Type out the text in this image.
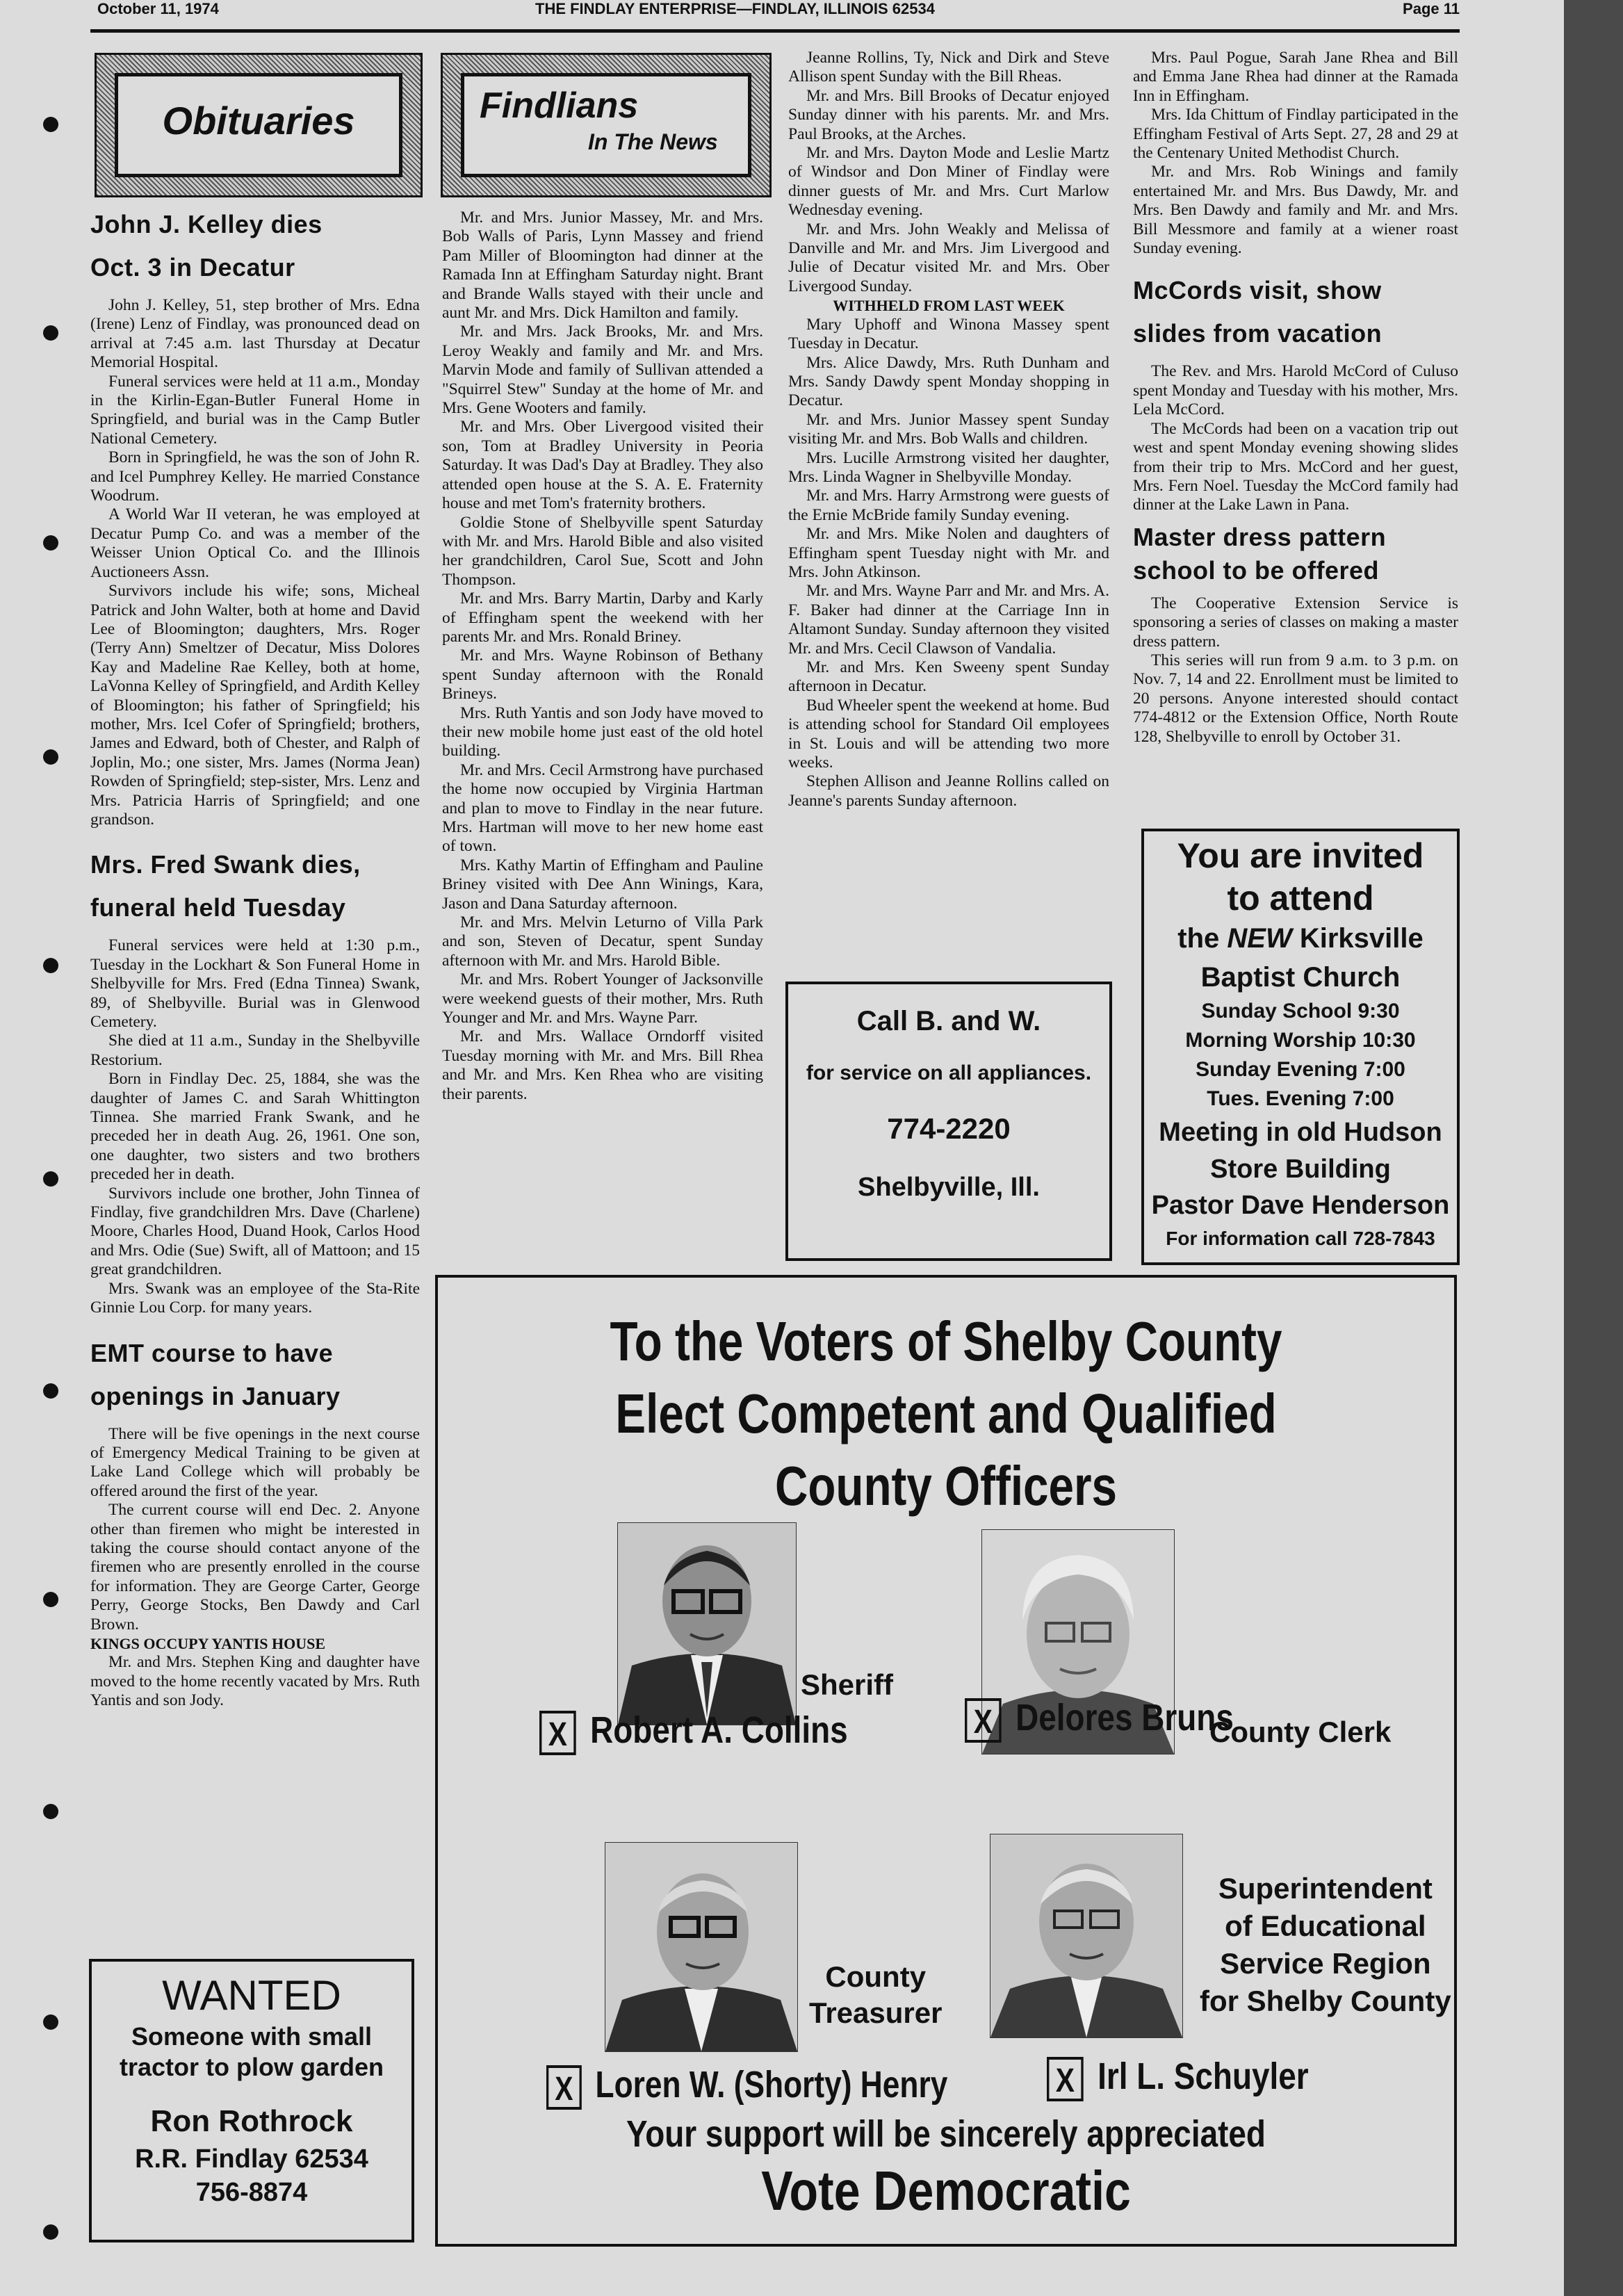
October 11, 1974	THE FINDLAY ENTERPRISE—FINDLAY, ILLINOIS 62534	Page 11
Obituaries
John J. Kelley dies
Oct. 3 in Decatur

John J. Kelley, 51, step brother of Mrs. Edna (Irene) Lenz of Findlay, was pronounced dead on arrival at 7:45 a.m. last Thursday at Decatur Memorial Hospital.

Funeral services were held at 11 a.m., Monday in the Kirlin-Egan-Butler Funeral Home in Springfield, and burial was in the Camp Butler National Cemetery.

Born in Springfield, he was the son of John R. and Icel Pumphrey Kelley. He married Constance Woodrum.

A World War II veteran, he was employed at Decatur Pump Co. and was a member of the Weisser Union Optical Co. and the Illinois Auctioneers Assn.

Survivors include his wife; sons, Micheal Patrick and John Walter, both at home and David Lee of Bloomington; daughters, Mrs. Roger (Terry Ann) Smeltzer of Decatur, Miss Dolores Kay and Madeline Rae Kelley, both at home, LaVonna Kelley of Springfield, and Ardith Kelley of Bloomington; his father of Springfield; his mother, Mrs. Icel Cofer of Springfield; brothers, James and Edward, both of Chester, and Ralph of Joplin, Mo.; one sister, Mrs. James (Norma Jean) Rowden of Springfield; step-sister, Mrs. Lenz and Mrs. Patricia Harris of Springfield; and one grandson.

Mrs. Fred Swank dies,
funeral held Tuesday

Funeral services were held at 1:30 p.m., Tuesday in the Lockhart & Son Funeral Home in Shelbyville for Mrs. Fred (Edna Tinnea) Swank, 89, of Shelbyville. Burial was in Glenwood Cemetery.

She died at 11 a.m., Sunday in the Shelbyville Restorium.

Born in Findlay Dec. 25, 1884, she was the daughter of James C. and Sarah Whittington Tinnea. She married Frank Swank, and he preceded her in death Aug. 26, 1961. One son, one daughter, two sisters and two brothers preceded her in death.

Survivors include one brother, John Tinnea of Findlay, five grandchildren Mrs. Dave (Charlene) Moore, Charles Hood, Duand Hook, Carlos Hood and Mrs. Odie (Sue) Swift, all of Mattoon; and 15 great grandchildren.

Mrs. Swank was an employee of the Sta-Rite Ginnie Lou Corp. for many years.

EMT course to have
openings in January

There will be five openings in the next course of Emergency Medical Training to be given at Lake Land College which will probably be offered around the first of the year.

The current course will end Dec. 2. Anyone other than firemen who might be interested in taking the course should contact anyone of the firemen who are presently enrolled in the course for information. They are George Carter, George Perry, George Stocks, Ben Dawdy and Carl Brown.

KINGS OCCUPY YANTIS HOUSE

Mr. and Mrs. Stephen King and daughter have moved to the home recently vacated by Mrs. Ruth Yantis and son Jody.

WANTED
Someone with small
tractor to plow garden
Ron Rothrock
R.R. Findlay 62534
756-8874
Findlians
In The News

Mr. and Mrs. Junior Massey, Mr. and Mrs. Bob Walls of Paris, Lynn Massey and friend Pam Miller of Bloomington had dinner at the Ramada Inn at Effingham Saturday night. Brant and Brande Walls stayed with their uncle and aunt Mr. and Mrs. Dick Hamilton and family.

Mr. and Mrs. Jack Brooks, Mr. and Mrs. Leroy Weakly and family and Mr. and Mrs. Marvin Mode and family of Sullivan attended a "Squirrel Stew" Sunday at the home of Mr. and Mrs. Gene Wooters and family.

Mr. and Mrs. Ober Livergood visited their son, Tom at Bradley University in Peoria Saturday. It was Dad's Day at Bradley. They also attended open house at the S. A. E. Fraternity house and met Tom's fraternity brothers.

Goldie Stone of Shelbyville spent Saturday with Mr. and Mrs. Harold Bible and also visited her grandchildren, Carol Sue, Scott and John Thompson.

Mr. and Mrs. Barry Martin, Darby and Karly of Effingham spent the weekend with her parents Mr. and Mrs. Ronald Briney.

Mr. and Mrs. Wayne Robinson of Bethany spent Sunday afternoon with the Ronald Brineys.

Mrs. Ruth Yantis and son Jody have moved to their new mobile home just east of the old hotel building.

Mr. and Mrs. Cecil Armstrong have purchased the home now occupied by Virginia Hartman and plan to move to Findlay in the near future. Mrs. Hartman will move to her new home east of town.

Mrs. Kathy Martin of Effingham and Pauline Briney visited with Dee Ann Winings, Kara, Jason and Dana Saturday afternoon.

Mr. and Mrs. Melvin Leturno of Villa Park and son, Steven of Decatur, spent Sunday afternoon with Mr. and Mrs. Harold Bible.

Mr. and Mrs. Robert Younger of Jacksonville were weekend guests of their mother, Mrs. Ruth Younger and Mr. and Mrs. Wayne Parr.

Mr. and Mrs. Wallace Orndorff visited Tuesday morning with Mr. and Mrs. Bill Rhea and Mr. and Mrs. Ken Rhea who are visiting their parents.

Jeanne Rollins, Ty, Nick and Dirk and Steve Allison spent Sunday with the Bill Rheas.

Mr. and Mrs. Bill Brooks of Decatur enjoyed Sunday dinner with his parents. Mr. and Mrs. Paul Brooks, at the Arches.

Mr. and Mrs. Dayton Mode and Leslie Martz of Windsor and Don Miner of Findlay were dinner guests of Mr. and Mrs. Curt Marlow Wednesday evening.

Mr. and Mrs. John Weakly and Melissa of Danville and Mr. and Mrs. Jim Livergood and Julie of Decatur visited Mr. and Mrs. Ober Livergood Sunday.

WITHHELD FROM LAST WEEK

Mary Uphoff and Winona Massey spent Tuesday in Decatur.

Mrs. Alice Dawdy, Mrs. Ruth Dunham and Mrs. Sandy Dawdy spent Monday shopping in Decatur.

Mr. and Mrs. Junior Massey spent Sunday visiting Mr. and Mrs. Bob Walls and children.

Mrs. Lucille Armstrong visited her daughter, Mrs. Linda Wagner in Shelbyville Monday.

Mr. and Mrs. Harry Armstrong were guests of the Ernie McBride family Sunday evening.

Mr. and Mrs. Mike Nolen and daughters of Effingham spent Tuesday night with Mr. and Mrs. John Atkinson.

Mr. and Mrs. Wayne Parr and Mr. and Mrs. A. F. Baker had dinner at the Carriage Inn in Altamont Sunday. Sunday afternoon they visited Mr. and Mrs. Cecil Clawson of Vandalia.

Mr. and Mrs. Ken Sweeny spent Sunday afternoon in Decatur.

Bud Wheeler spent the weekend at home. Bud is attending school for Standard Oil employees in St. Louis and will be attending two more weeks.

Stephen Allison and Jeanne Rollins called on Jeanne's parents Sunday afternoon.

Call B. and W.
for service on all appliances.
774-2220
Shelbyville, Ill.

Mrs. Paul Pogue, Sarah Jane Rhea and Bill and Emma Jane Rhea had dinner at the Ramada Inn in Effingham.

Mrs. Ida Chittum of Findlay participated in the Effingham Festival of Arts Sept. 27, 28 and 29 at the Centenary United Methodist Church.

Mr. and Mrs. Rob Winings and family entertained Mr. and Mrs. Bus Dawdy, Mr. and Mrs. Ben Dawdy and family and Mr. and Mrs. Bill Messmore and family at a wiener roast Sunday evening.

McCords visit, show
slides from vacation

The Rev. and Mrs. Harold McCord of Culuso spent Monday and Tuesday with his mother, Mrs. Lela McCord.

The McCords had been on a vacation trip out west and spent Monday evening showing slides from their trip to Mrs. McCord and her guest, Mrs. Fern Noel. Tuesday the McCord family had dinner at the Lake Lawn in Pana.

Master dress pattern
school to be offered

The Cooperative Extension Service is sponsoring a series of classes on making a master dress pattern.

This series will run from 9 a.m. to 3 p.m. on Nov. 7, 14 and 22. Enrollment must be limited to 20 persons. Anyone interested should contact 774-4812 or the Extension Office, North Route 128, Shelbyville to enroll by October 31.

You are invited
to attend
the NEW Kirksville
Baptist Church
Sunday School 9:30
Morning Worship 10:30
Sunday Evening 7:00
Tues. Evening 7:00
Meeting in old Hudson
Store Building
Pastor Dave Henderson
For information call 728-7843
To the Voters of Shelby County
Elect Competent and Qualified
County Officers
Sheriff
X Robert A. Collins	County Clerk
X Delores Bruns
County
Treasurer
X Loren W. (Shorty) Henry
Superintendent
of Educational
Service Region
for Shelby County
X Irl L. Schuyler
Your support will be sincerely appreciated
Vote Democratic
